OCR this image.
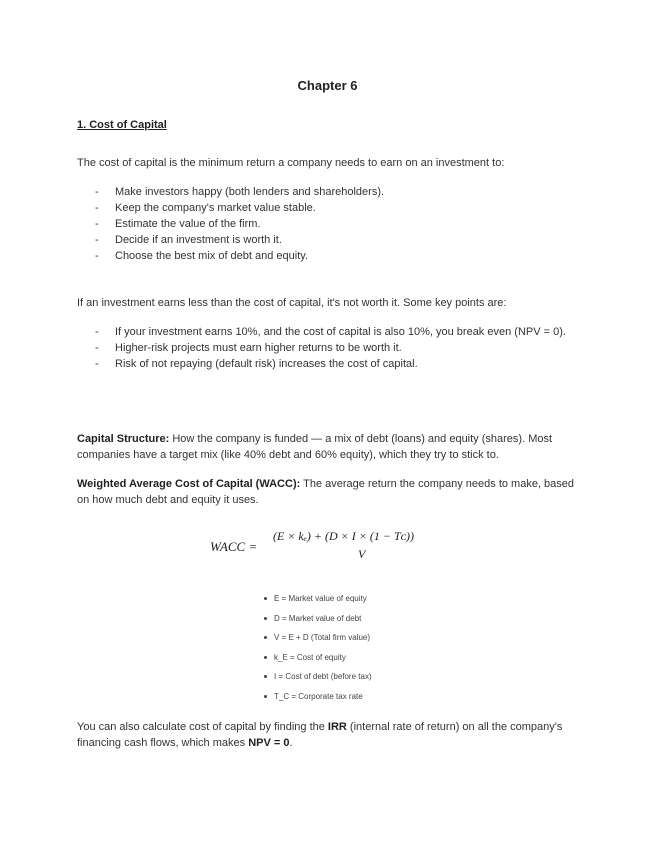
Chapter 6
1. Cost of Capital
The cost of capital is the minimum return a company needs to earn on an investment to:
- Make investors happy (both lenders and shareholders).
- Keep the company's market value stable.
- Estimate the value of the firm.
- Decide if an investment is worth it.
- Choose the best mix of debt and equity.
If an investment earns less than the cost of capital, it's not worth it. Some key points are:
- If your investment earns 10%, and the cost of capital is also 10%, you break even (NPV = 0).
- Higher-risk projects must earn higher returns to be worth it.
- Risk of not repaying (default risk) increases the cost of capital.
Capital Structure: How the company is funded — a mix of debt (loans) and equity (shares). Most companies have a target mix (like 40% debt and 60% equity), which they try to stick to.
Weighted Average Cost of Capital (WACC): The average return the company needs to make, based on how much debt and equity it uses.
WACC =
(E × kₑ) + (D × I × (1 − Tᴄ))
V
E = Market value of equity
D = Market value of debt
V = E + D (Total firm value)
k_E = Cost of equity
I = Cost of debt (before tax)
T_C = Corporate tax rate
You can also calculate cost of capital by finding the IRR (internal rate of return) on all the company's financing cash flows, which makes NPV = 0.
